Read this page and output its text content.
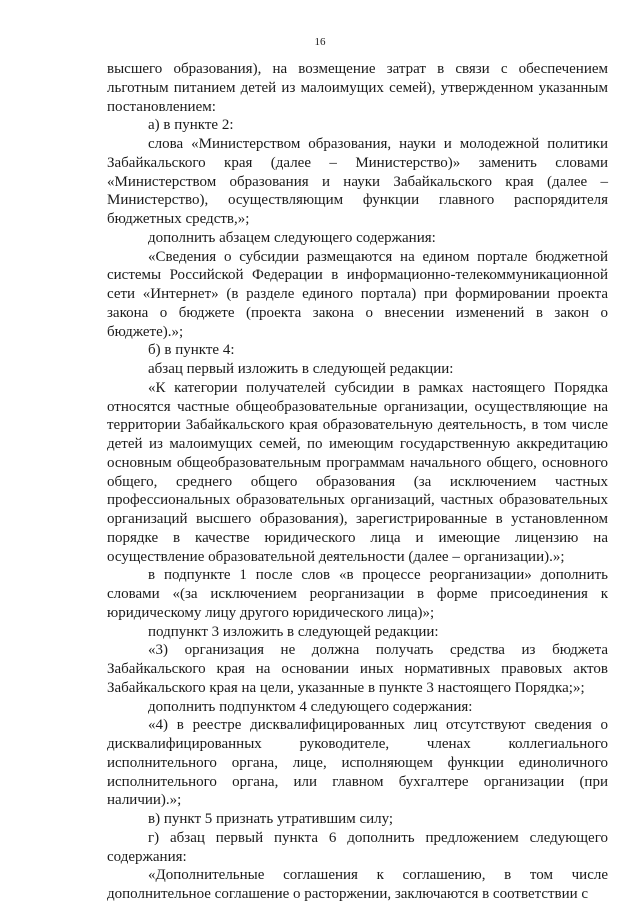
16

высшего образования), на возмещение затрат в связи с обеспечением льготным питанием детей из малоимущих семей), утвержденном указанным постановлением:

а) в пункте 2:

слова «Министерством образования, науки и молодежной политики Забайкальского края (далее – Министерство)» заменить словами «Министерством образования и науки Забайкальского края (далее – Министерство), осуществляющим функции главного распорядителя бюджетных средств,»;

дополнить абзацем следующего содержания:

«Сведения о субсидии размещаются на едином портале бюджетной системы Российской Федерации в информационно-телекоммуникационной сети «Интернет» (в разделе единого портала) при формировании проекта закона о бюджете (проекта закона о внесении изменений в закон о бюджете).»;

б) в пункте 4:

абзац первый изложить в следующей редакции:

«К категории получателей субсидии в рамках настоящего Порядка относятся частные общеобразовательные организации, осуществляющие на территории Забайкальского края образовательную деятельность, в том числе детей из малоимущих семей, по имеющим государственную аккредитацию основным общеобразовательным программам начального общего, основного общего, среднего общего образования (за исключением частных профессиональных образовательных организаций, частных образовательных организаций высшего образования), зарегистрированные в установленном порядке в качестве юридического лица и имеющие лицензию на осуществление образовательной деятельности (далее – организации).»;

в подпункте 1 после слов «в процессе реорганизации» дополнить словами «(за исключением реорганизации в форме присоединения к юридическому лицу другого юридического лица)»;

подпункт 3 изложить в следующей редакции:

«3) организация не должна получать средства из бюджета Забайкальского края на основании иных нормативных правовых актов Забайкальского края на цели, указанные в пункте 3 настоящего Порядка;»;

дополнить подпунктом 4 следующего содержания:

«4) в реестре дисквалифицированных лиц отсутствуют сведения о дисквалифицированных руководителе, членах коллегиального исполнительного органа, лице, исполняющем функции единоличного исполнительного органа, или главном бухгалтере организации (при наличии).»;

в) пункт 5 признать утратившим силу;

г) абзац первый пункта 6 дополнить предложением следующего содержания:

«Дополнительные соглашения к соглашению, в том числе дополнительное соглашение о расторжении, заключаются в соответствии с
